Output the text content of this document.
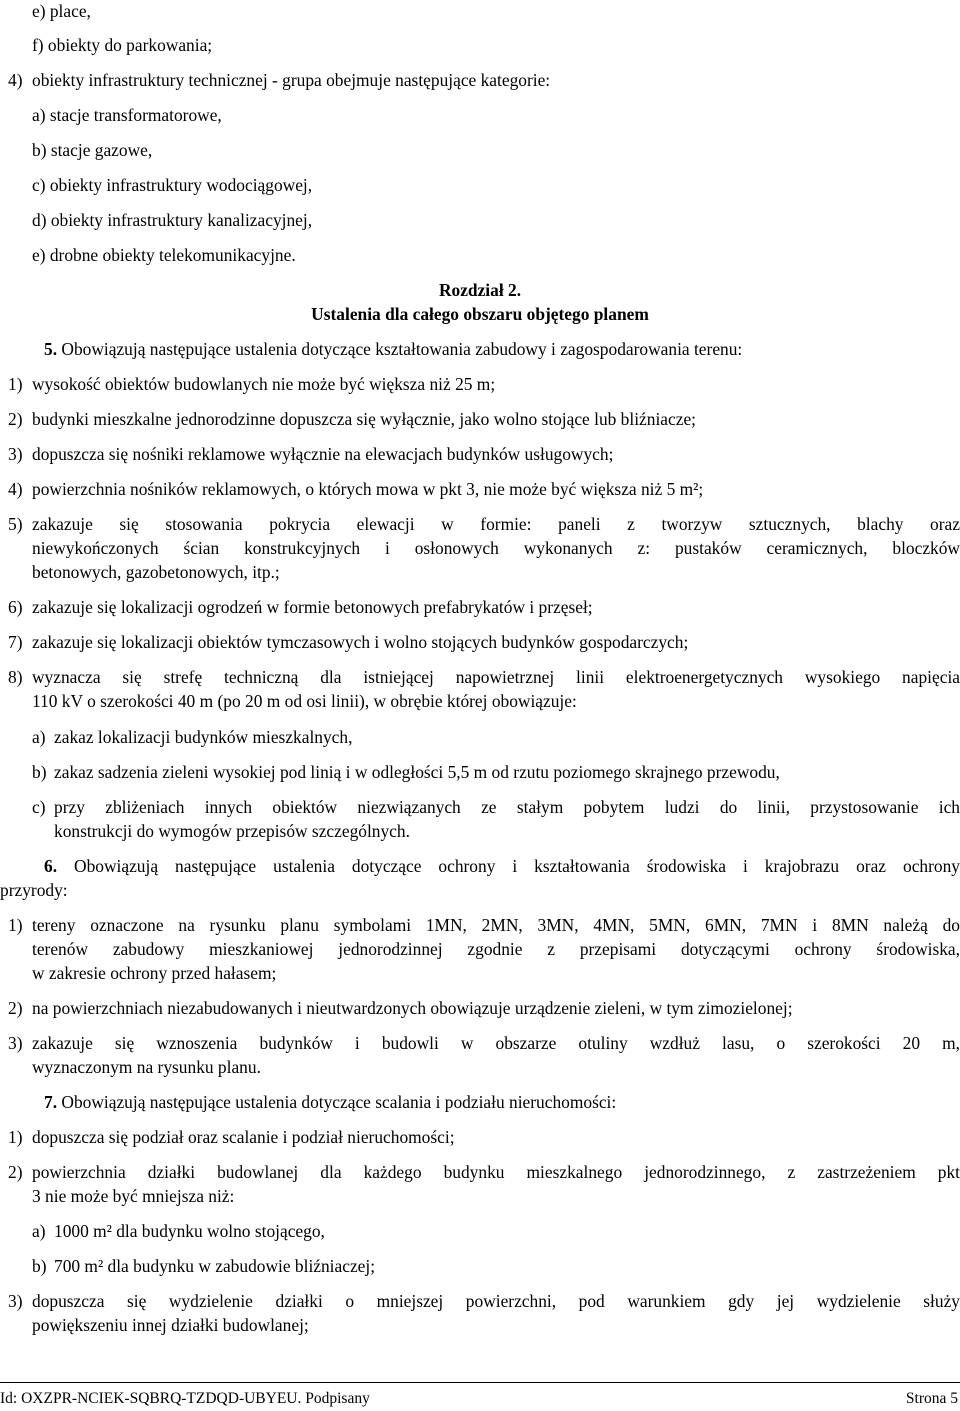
e) place,
f) obiekty do parkowania;
4) obiekty infrastruktury technicznej - grupa obejmuje następujące kategorie:
a) stacje transformatorowe,
b) stacje gazowe,
c) obiekty infrastruktury wodociągowej,
d) obiekty infrastruktury kanalizacyjnej,
e) drobne obiekty telekomunikacyjne.
Rozdział 2.
Ustalenia dla całego obszaru objętego planem
5. Obowiązują następujące ustalenia dotyczące kształtowania zabudowy i zagospodarowania terenu:
1) wysokość obiektów budowlanych nie może być większa niż 25 m;
2) budynki mieszkalne jednorodzinne dopuszcza się wyłącznie, jako wolno stojące lub bliźniacze;
3) dopuszcza się nośniki reklamowe wyłącznie na elewacjach budynków usługowych;
4) powierzchnia nośników reklamowych, o których mowa w pkt 3, nie może być większa niż 5 m²;
5) zakazuje się stosowania pokrycia elewacji w formie: paneli z tworzyw sztucznych, blachy oraz
niewykończonych ścian konstrukcyjnych i osłonowych wykonanych z: pustaków ceramicznych, bloczków
betonowych, gazobetonowych, itp.;
6) zakazuje się lokalizacji ogrodzeń w formie betonowych prefabrykatów i przęseł;
7) zakazuje się lokalizacji obiektów tymczasowych i wolno stojących budynków gospodarczych;
8) wyznacza się strefę techniczną dla istniejącej napowietrznej linii elektroenergetycznych wysokiego napięcia
110 kV o szerokości 40 m (po 20 m od osi linii), w obrębie której obowiązuje:
a) zakaz lokalizacji budynków mieszkalnych,
b) zakaz sadzenia zieleni wysokiej pod linią i w odległości 5,5 m od rzutu poziomego skrajnego przewodu,
c) przy zbliżeniach innych obiektów niezwiązanych ze stałym pobytem ludzi do linii, przystosowanie ich
konstrukcji do wymogów przepisów szczególnych.
6. Obowiązują następujące ustalenia dotyczące ochrony i kształtowania środowiska i krajobrazu oraz ochrony
przyrody:
1) tereny oznaczone na rysunku planu symbolami 1MN, 2MN, 3MN, 4MN, 5MN, 6MN, 7MN i 8MN należą do
terenów zabudowy mieszkaniowej jednorodzinnej zgodnie z przepisami dotyczącymi ochrony środowiska,
w zakresie ochrony przed hałasem;
2) na powierzchniach niezabudowanych i nieutwardzonych obowiązuje urządzenie zieleni, w tym zimozielonej;
3) zakazuje się wznoszenia budynków i budowli w obszarze otuliny wzdłuż lasu, o szerokości 20 m,
wyznaczonym na rysunku planu.
7. Obowiązują następujące ustalenia dotyczące scalania i podziału nieruchomości:
1) dopuszcza się podział oraz scalanie i podział nieruchomości;
2) powierzchnia działki budowlanej dla każdego budynku mieszkalnego jednorodzinnego, z zastrzeżeniem pkt
3 nie może być mniejsza niż:
a) 1000 m² dla budynku wolno stojącego,
b) 700 m² dla budynku w zabudowie bliźniaczej;
3) dopuszcza się wydzielenie działki o mniejszej powierzchni, pod warunkiem gdy jej wydzielenie służy
powiększeniu innej działki budowlanej;
Id: OXZPR-NCIEK-SQBRQ-TZDQD-UBYEU. Podpisany	Strona 5
